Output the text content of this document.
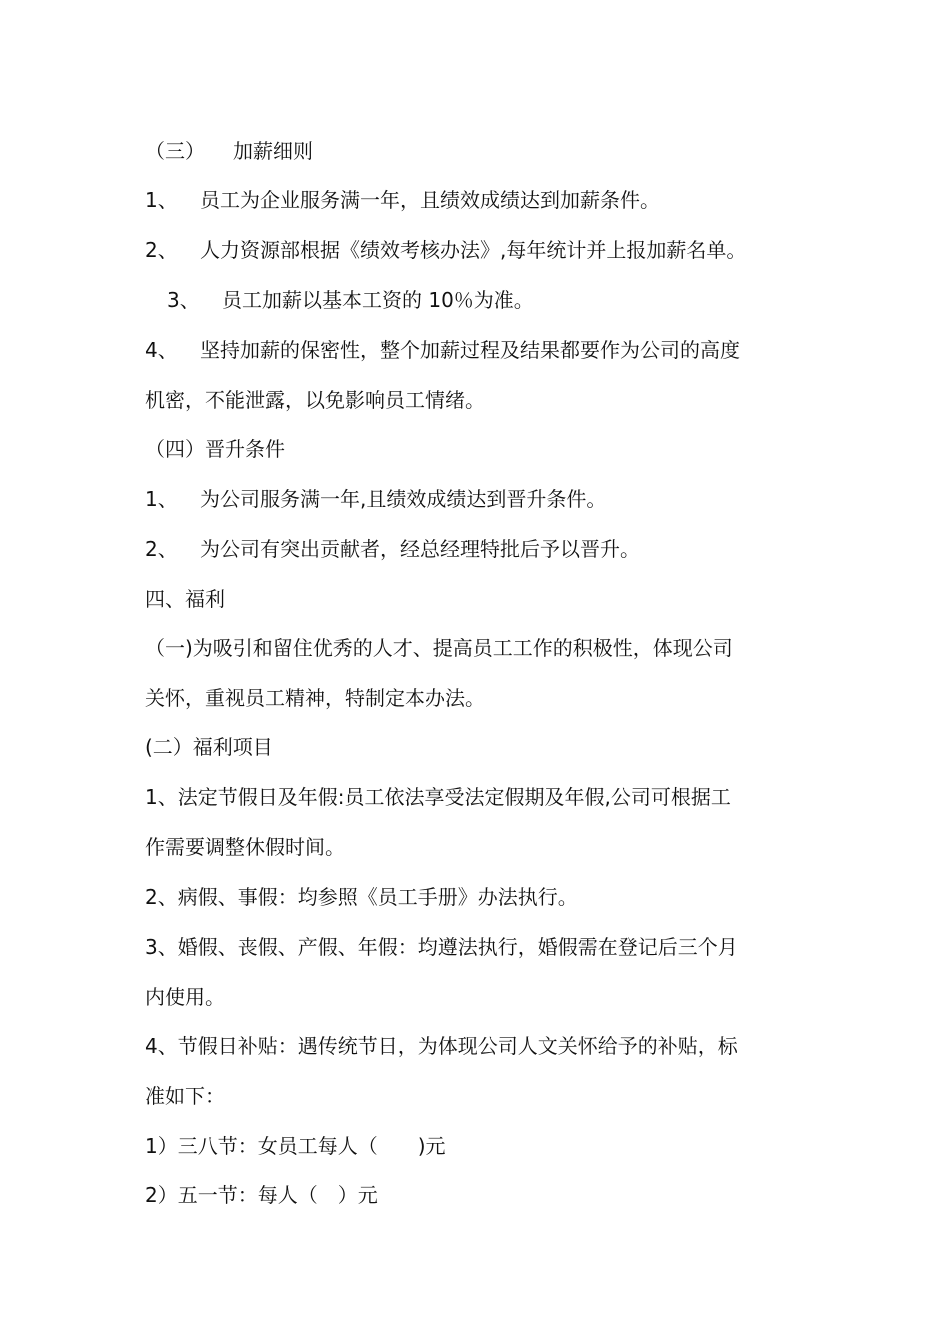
（三） 加薪细则
1、 员工为企业服务满一年，且绩效成绩达到加薪条件。
2、 人力资源部根据《绩效考核办法》,每年统计并上报加薪名单。
3、 员工加薪以基本工资的 10％为准。
4、 坚持加薪的保密性，整个加薪过程及结果都要作为公司的高度
机密，不能泄露，以免影响员工情绪。
（四）晋升条件
1、 为公司服务满一年,且绩效成绩达到晋升条件。
2、 为公司有突出贡献者，经总经理特批后予以晋升。
四、福利
（一)为吸引和留住优秀的人才、提高员工工作的积极性，体现公司
关怀，重视员工精神，特制定本办法。
(二）福利项目
1、法定节假日及年假:员工依法享受法定假期及年假,公司可根据工
作需要调整休假时间。
2、病假、事假：均参照《员工手册》办法执行。
3、婚假、丧假、产假、年假：均遵法执行，婚假需在登记后三个月
内使用。
4、节假日补贴：遇传统节日，为体现公司人文关怀给予的补贴，标
准如下：
1）三八节：女员工每人（　　)元
2）五一节：每人（　）元
